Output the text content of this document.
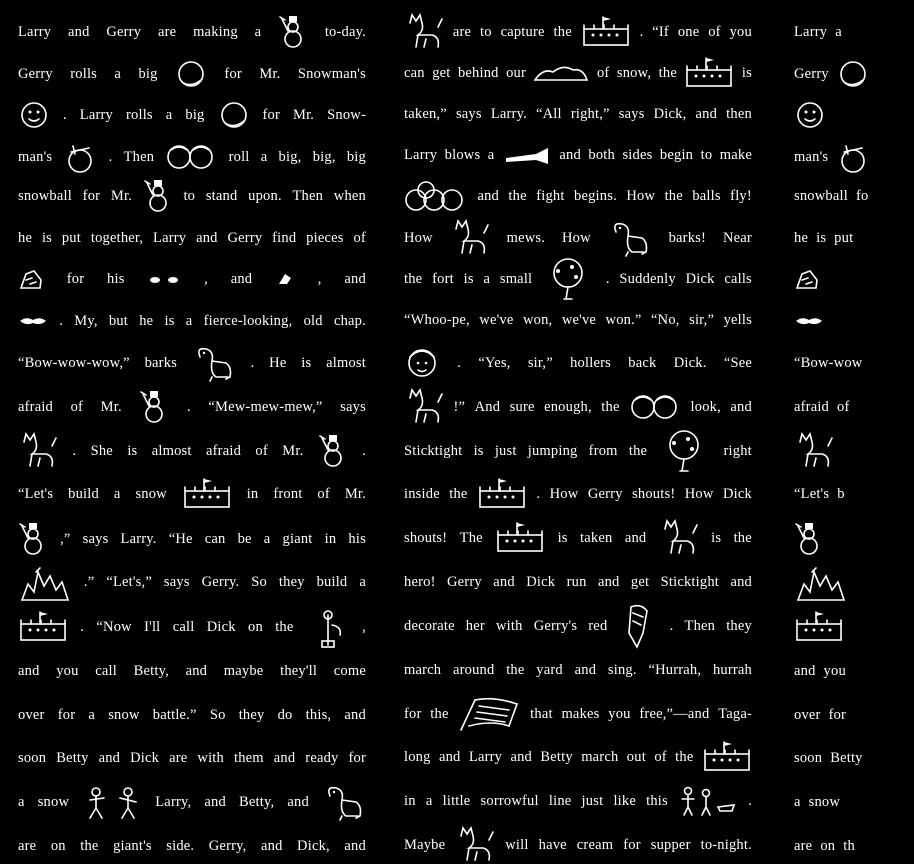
Larry and Gerry are making a	to-day.
Gerry rolls a big	for Mr. Snowman's
. Larry rolls a big	for Mr. Snow-
man's	. Then	roll a big, big, big
snowball for Mr.	to stand upon. Then when
he is put together, Larry and Gerry find pieces of
for his	, and	, and
. My, but he is a fierce-looking, old chap.
“Bow-wow-wow,” barks	. He is almost
afraid of Mr.	. “Mew-mew-mew,” says
. She is almost afraid of Mr.	.
“Let's build a snow	in front of Mr.
,” says Larry. “He can be a giant in his
.” “Let's,” says Gerry. So they build a
. “Now I'll call Dick on the	,
and you call Betty, and maybe they'll come
over for a snow battle.” So they do this, and
soon Betty and Dick are with them and ready for
a snow	Larry, and Betty, and
are on the giant's side. Gerry, and Dick, and
are to capture the	. “If one of you
can get behind our	of snow, the	is
taken,” says Larry. “All right,” says Dick, and then
Larry blows a	and both sides begin to make
and the fight begins. How the balls fly!
How	mews. How	barks! Near
the fort is a small	. Suddenly Dick calls
“Whoo-pe, we've won, we've won.” “No, sir,” yells
. “Yes, sir,” hollers back Dick. “See
!” And sure enough, the	look, and
Sticktight is just jumping from the	right
inside the	. How Gerry shouts! How Dick
shouts! The	is taken and	is the
hero! Gerry and Dick run and get Sticktight and
decorate her with Gerry's red	. Then they
march around the yard and sing. “Hurrah, hurrah
for the	that makes you free,”—and Taga-
long and Larry and Betty march out of the
in a little sorrowful line just like this	.
Maybe	will have cream for supper to-night.
Larry a
Gerry
man's
snowball fo
he is put
“Bow-wow
afraid of
“Let's b
and you
over for
soon Betty
a snow
are on th
